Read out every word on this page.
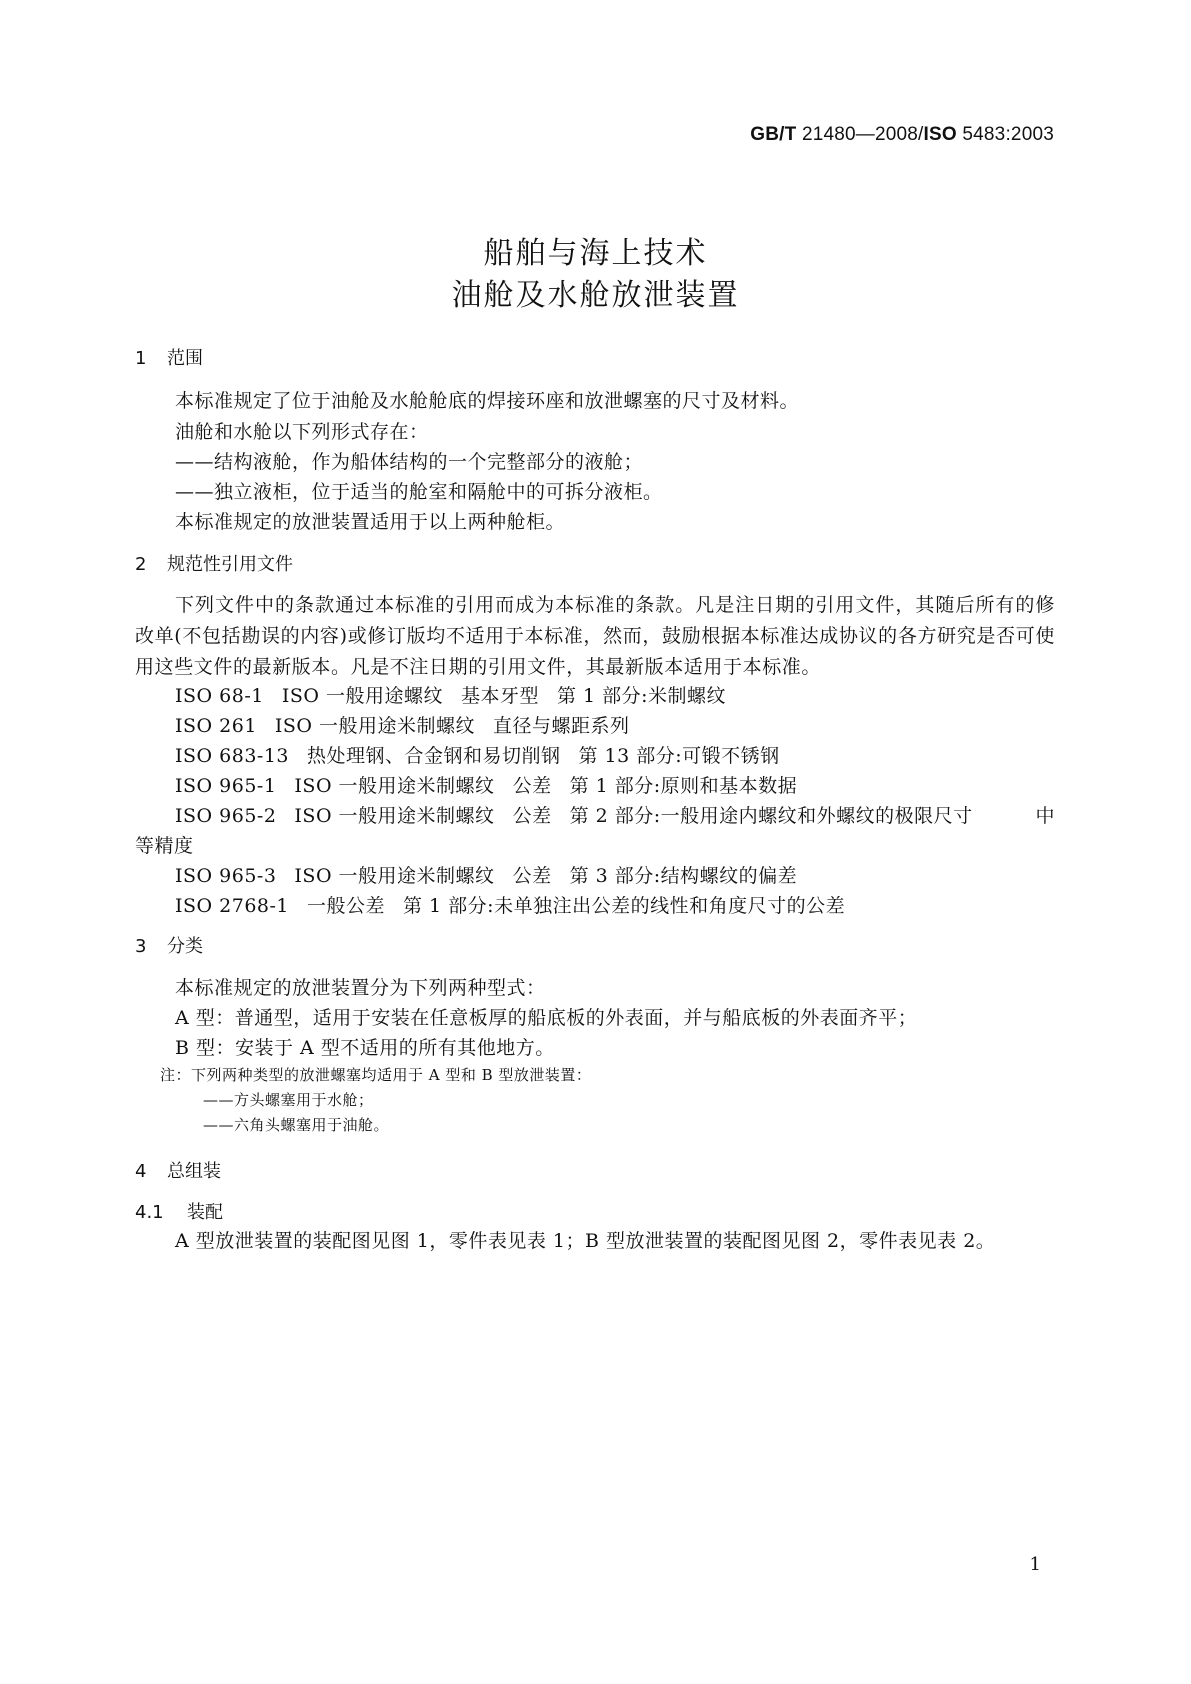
GB/T 21480—2008/ISO 5483:2003
船舶与海上技术
油舱及水舱放泄装置
1 范围
本标准规定了位于油舱及水舱舱底的焊接环座和放泄螺塞的尺寸及材料。
油舱和水舱以下列形式存在：
——结构液舱，作为船体结构的一个完整部分的液舱；
——独立液柜，位于适当的舱室和隔舱中的可拆分液柜。
本标准规定的放泄装置适用于以上两种舱柜。
2 规范性引用文件
下列文件中的条款通过本标准的引用而成为本标准的条款。凡是注日期的引用文件，其随后所有的修改单(不包括勘误的内容)或修订版均不适用于本标准，然而，鼓励根据本标准达成协议的各方研究是否可使用这些文件的最新版本。凡是不注日期的引用文件，其最新版本适用于本标准。
ISO 68-1 ISO 一般用途螺纹 基本牙型 第 1 部分:米制螺纹
ISO 261 ISO 一般用途米制螺纹 直径与螺距系列
ISO 683-13 热处理钢、合金钢和易切削钢 第 13 部分:可锻不锈钢
ISO 965-1 ISO 一般用途米制螺纹 公差 第 1 部分:原则和基本数据
ISO 965-2 ISO 一般用途米制螺纹 公差 第 2 部分:一般用途内螺纹和外螺纹的极限尺寸	中
等精度
ISO 965-3 ISO 一般用途米制螺纹 公差 第 3 部分:结构螺纹的偏差
ISO 2768-1 一般公差 第 1 部分:未单独注出公差的线性和角度尺寸的公差
3 分类
本标准规定的放泄装置分为下列两种型式：
A 型：普通型，适用于安装在任意板厚的船底板的外表面，并与船底板的外表面齐平；
B 型：安装于 A 型不适用的所有其他地方。
注：下列两种类型的放泄螺塞均适用于 A 型和 B 型放泄装置：
——方头螺塞用于水舱；
——六角头螺塞用于油舱。
4 总组装
4.1 装配
A 型放泄装置的装配图见图 1，零件表见表 1；B 型放泄装置的装配图见图 2，零件表见表 2。
1
